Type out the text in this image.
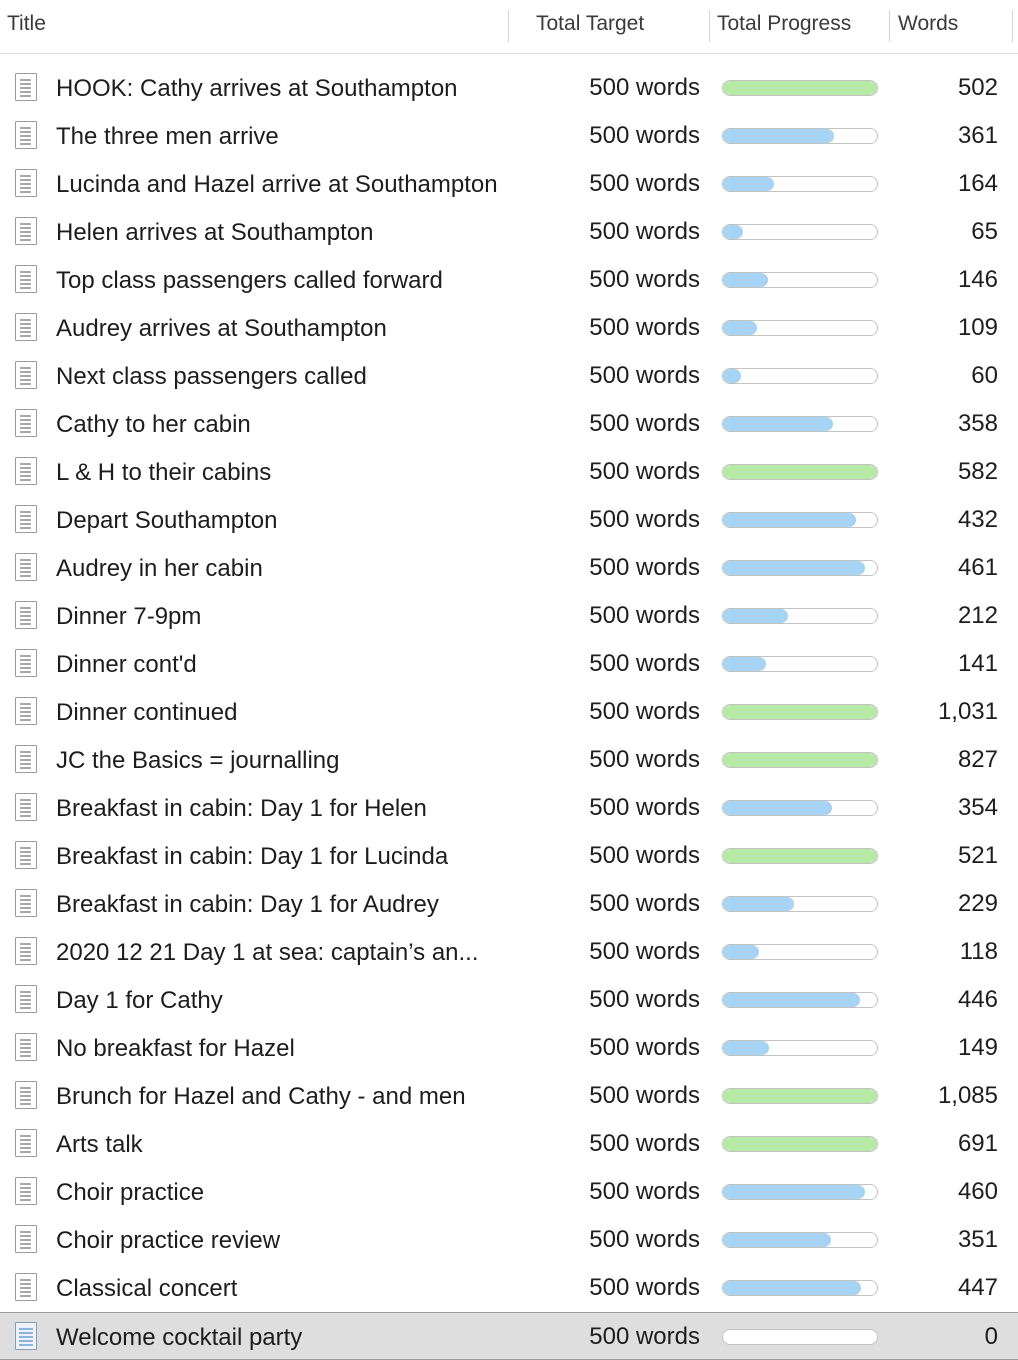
Title	Total Target	Total Progress Words
HOOK: Cathy arrives at Southampton	500 words	502
The three men arrive	500 words	361
Lucinda and Hazel arrive at Southampton	500 words	164
Helen arrives at Southampton	500 words	65
Top class passengers called forward	500 words	146
Audrey arrives at Southampton	500 words	109
Next class passengers called	500 words	60
Cathy to her cabin	500 words	358
L & H to their cabins	500 words	582
Depart Southampton	500 words	432
Audrey in her cabin	500 words	461
Dinner 7-9pm	500 words	212
Dinner cont'd	500 words	141
Dinner continued	500 words	1,031
JC the Basics = journalling	500 words	827
Breakfast in cabin: Day 1 for Helen	500 words	354
Breakfast in cabin: Day 1 for Lucinda	500 words	521
Breakfast in cabin: Day 1 for Audrey	500 words	229
2020 12 21 Day 1 at sea: captain’s an...	500 words	118
Day 1 for Cathy	500 words	446
No breakfast for Hazel	500 words	149
Brunch for Hazel and Cathy - and men	500 words	1,085
Arts talk	500 words	691
Choir practice	500 words	460
Choir practice review	500 words	351
Classical concert	500 words	447
Welcome cocktail party	500 words	0
